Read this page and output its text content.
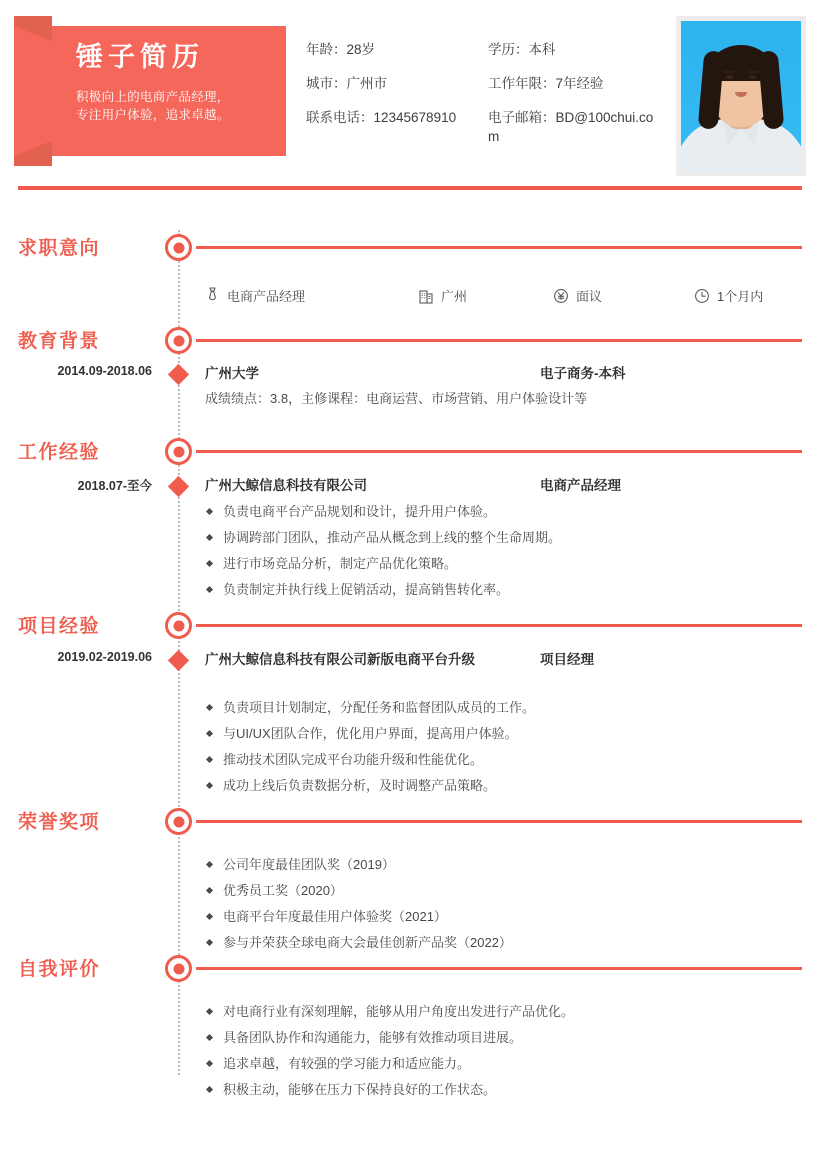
锤子简历
积极向上的电商产品经理，
专注用户体验，追求卓越。
年龄：28岁
城市：广州市
联系电话：12345678910
学历：本科
工作年限：7年经验
电子邮箱：BD@100chui.com
求职意向
电商产品经理	广州	面议	1个月内
教育背景
2014.09-2018.06	广州大学	电子商务-本科
成绩绩点：3.8，主修课程：电商运营、市场营销、用户体验设计等
工作经验
2018.07-至今	广州大鲸信息科技有限公司	电商产品经理
负责电商平台产品规划和设计，提升用户体验。
协调跨部门团队，推动产品从概念到上线的整个生命周期。
进行市场竞品分析，制定产品优化策略。
负责制定并执行线上促销活动，提高销售转化率。
项目经验
2019.02-2019.06	广州大鲸信息科技有限公司新版电商平台升级	项目经理
负责项目计划制定，分配任务和监督团队成员的工作。
与UI/UX团队合作，优化用户界面，提高用户体验。
推动技术团队完成平台功能升级和性能优化。
成功上线后负责数据分析，及时调整产品策略。
荣誉奖项
公司年度最佳团队奖（2019）
优秀员工奖（2020）
电商平台年度最佳用户体验奖（2021）
参与并荣获全球电商大会最佳创新产品奖（2022）
自我评价
对电商行业有深刻理解，能够从用户角度出发进行产品优化。
具备团队协作和沟通能力，能够有效推动项目进展。
追求卓越，有较强的学习能力和适应能力。
积极主动，能够在压力下保持良好的工作状态。
